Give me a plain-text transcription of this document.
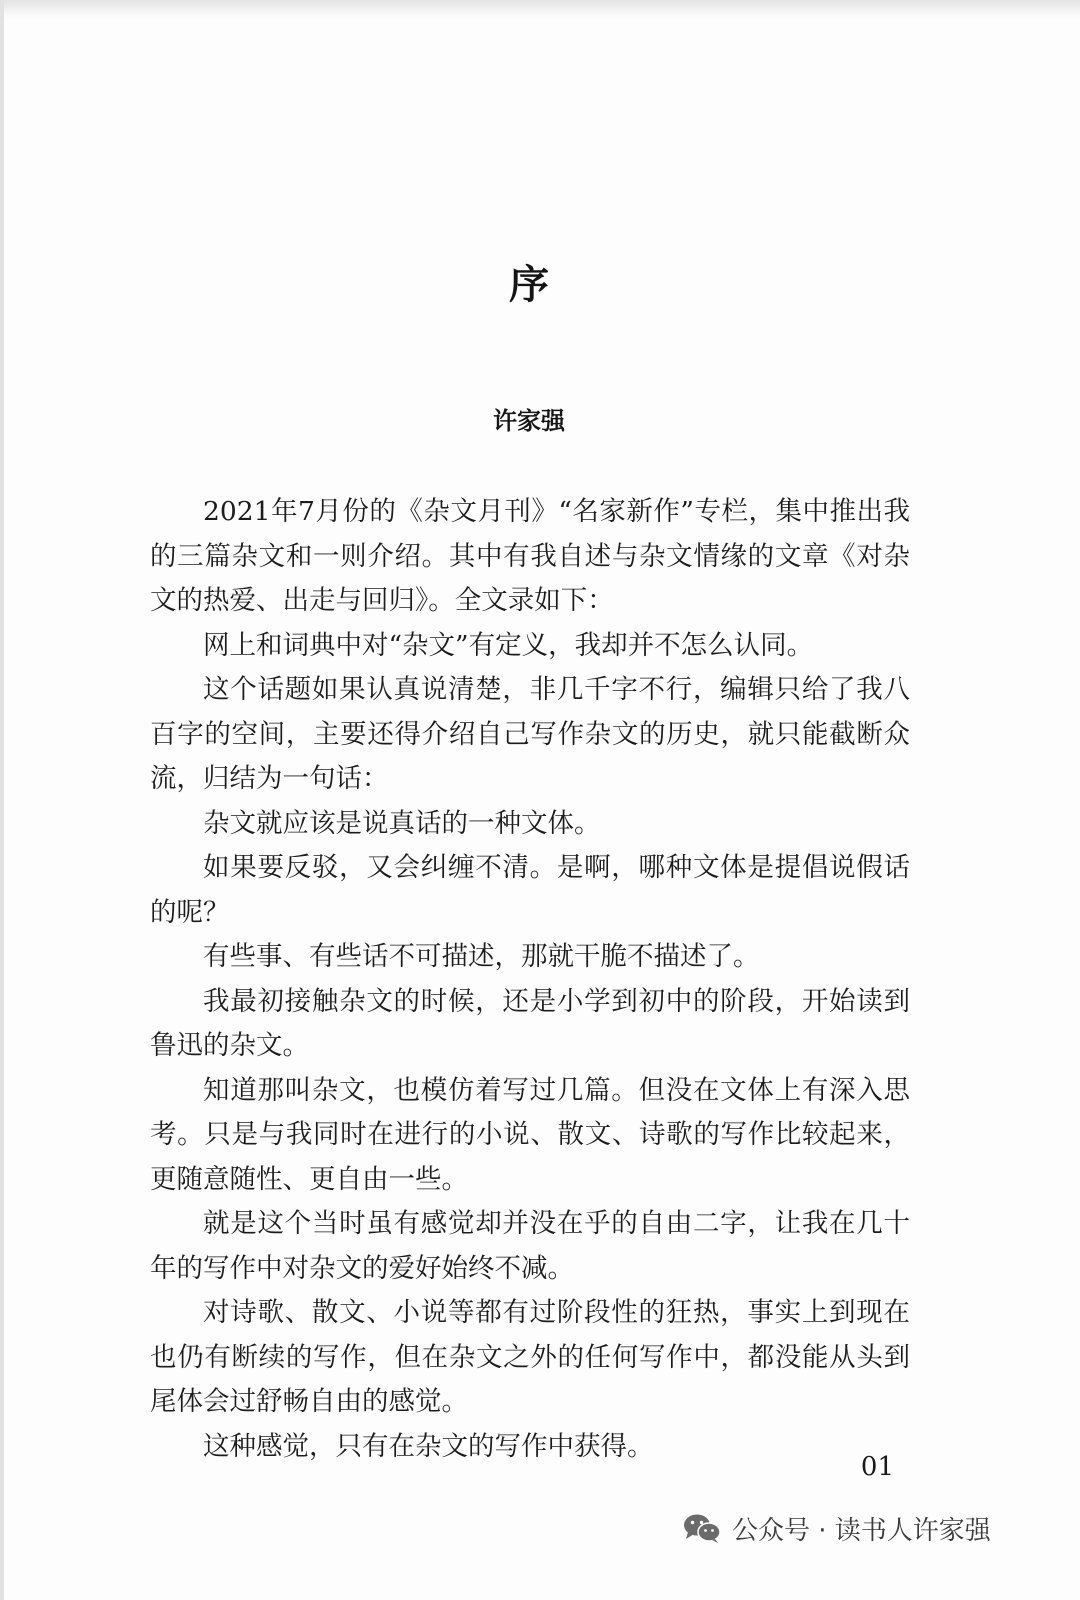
序
许家强

2021年7月份的《杂文月刊》“名家新作”专栏，集中推出我的三篇杂文和一则介绍。其中有我自述与杂文情缘的文章《对杂文的热爱、出走与回归》。全文录如下：

网上和词典中对“杂文”有定义，我却并不怎么认同。

这个话题如果认真说清楚，非几千字不行，编辑只给了我八百字的空间，主要还得介绍自己写作杂文的历史，就只能截断众流，归结为一句话：

杂文就应该是说真话的一种文体。

如果要反驳，又会纠缠不清。是啊，哪种文体是提倡说假话的呢？

有些事、有些话不可描述，那就干脆不描述了。

我最初接触杂文的时候，还是小学到初中的阶段，开始读到鲁迅的杂文。

知道那叫杂文，也模仿着写过几篇。但没在文体上有深入思考。只是与我同时在进行的小说、散文、诗歌的写作比较起来，更随意随性、更自由一些。

就是这个当时虽有感觉却并没在乎的自由二字，让我在几十年的写作中对杂文的爱好始终不减。

对诗歌、散文、小说等都有过阶段性的狂热，事实上到现在也仍有断续的写作，但在杂文之外的任何写作中，都没能从头到尾体会过舒畅自由的感觉。

这种感觉，只有在杂文的写作中获得。

01
公众号 · 读书人许家强
